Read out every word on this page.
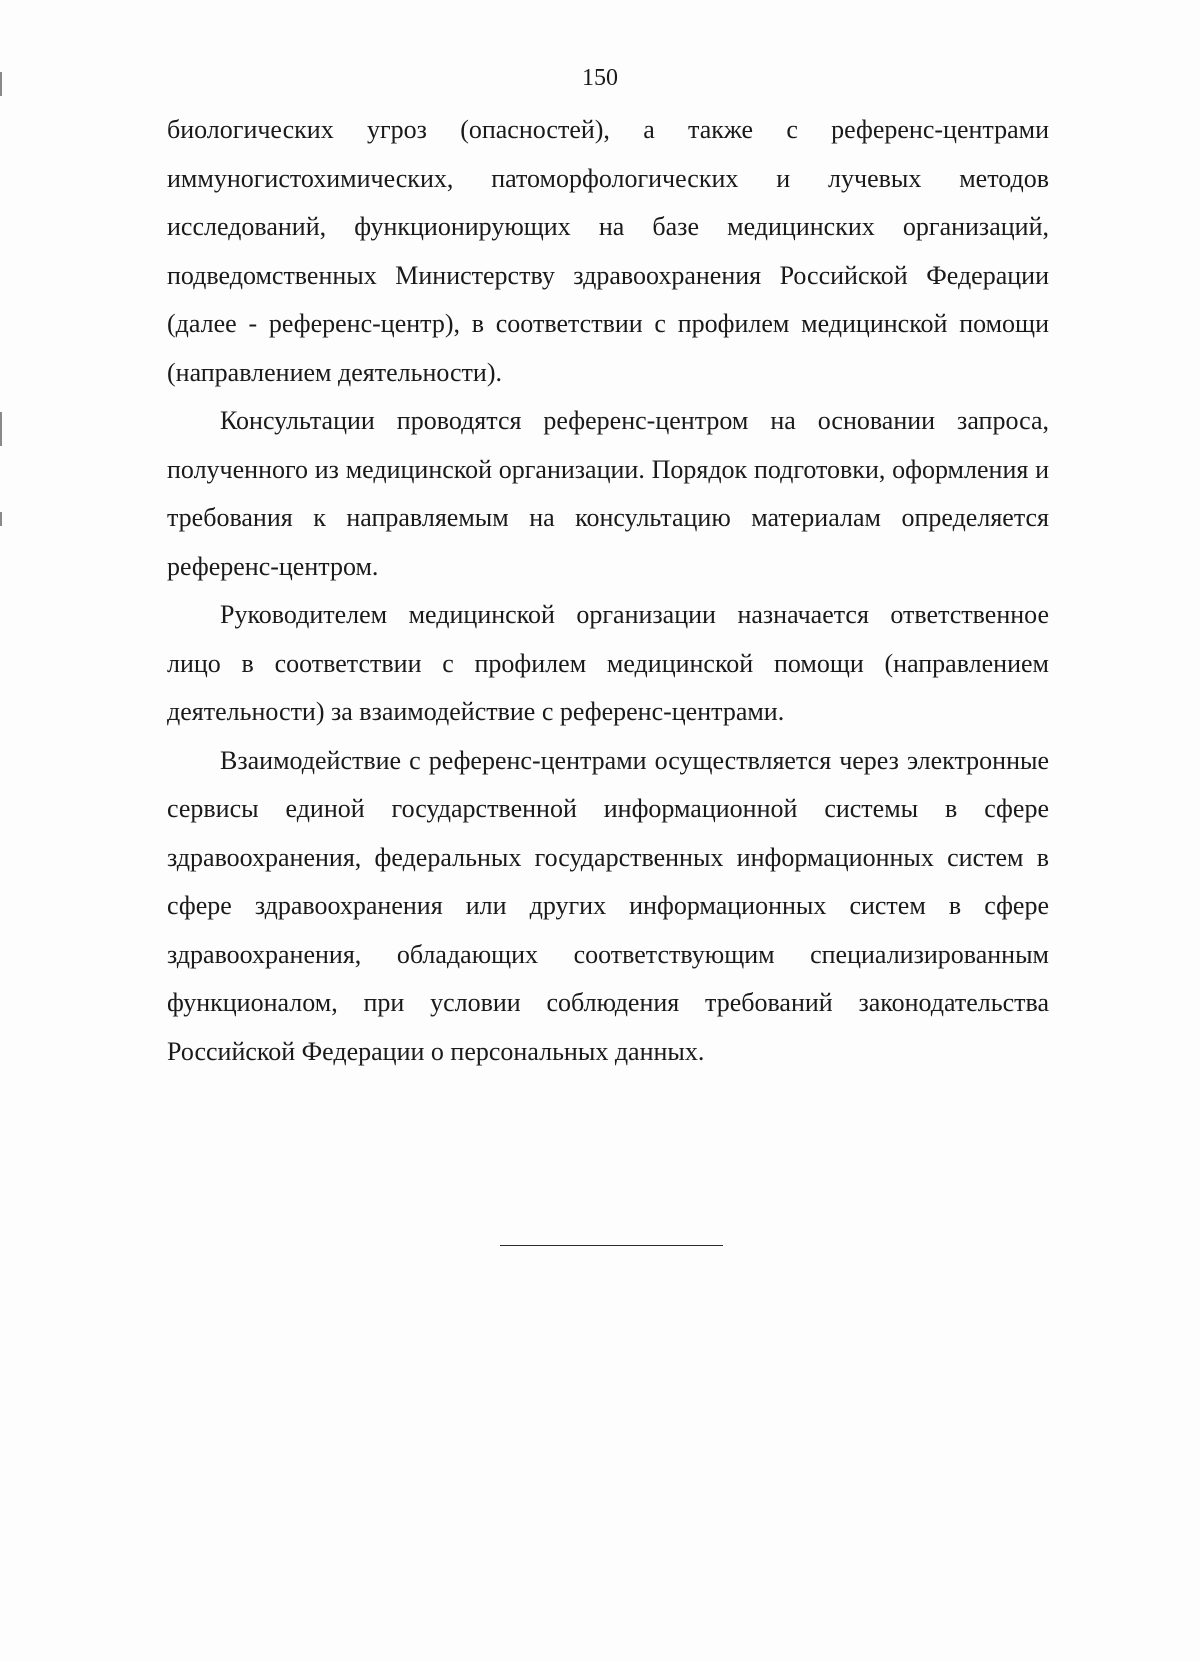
150

биологических угроз (опасностей), а также с референс-центрами иммуногистохимических, патоморфологических и лучевых методов исследований, функционирующих на базе медицинских организаций, подведомственных Министерству здравоохранения Российской Федерации (далее - референс-центр), в соответствии с профилем медицинской помощи (направлением деятельности).

Консультации проводятся референс-центром на основании запроса, полученного из медицинской организации. Порядок подготовки, оформления и требования к направляемым на консультацию материалам определяется референс-центром.

Руководителем медицинской организации назначается ответственное лицо в соответствии с профилем медицинской помощи (направлением деятельности) за взаимодействие с референс-центрами.

Взаимодействие с референс-центрами осуществляется через электронные сервисы единой государственной информационной системы в сфере здравоохранения, федеральных государственных информационных систем в сфере здравоохранения или других информационных систем в сфере здравоохранения, обладающих соответствующим специализированным функционалом, при условии соблюдения требований законодательства Российской Федерации о персональных данных.
